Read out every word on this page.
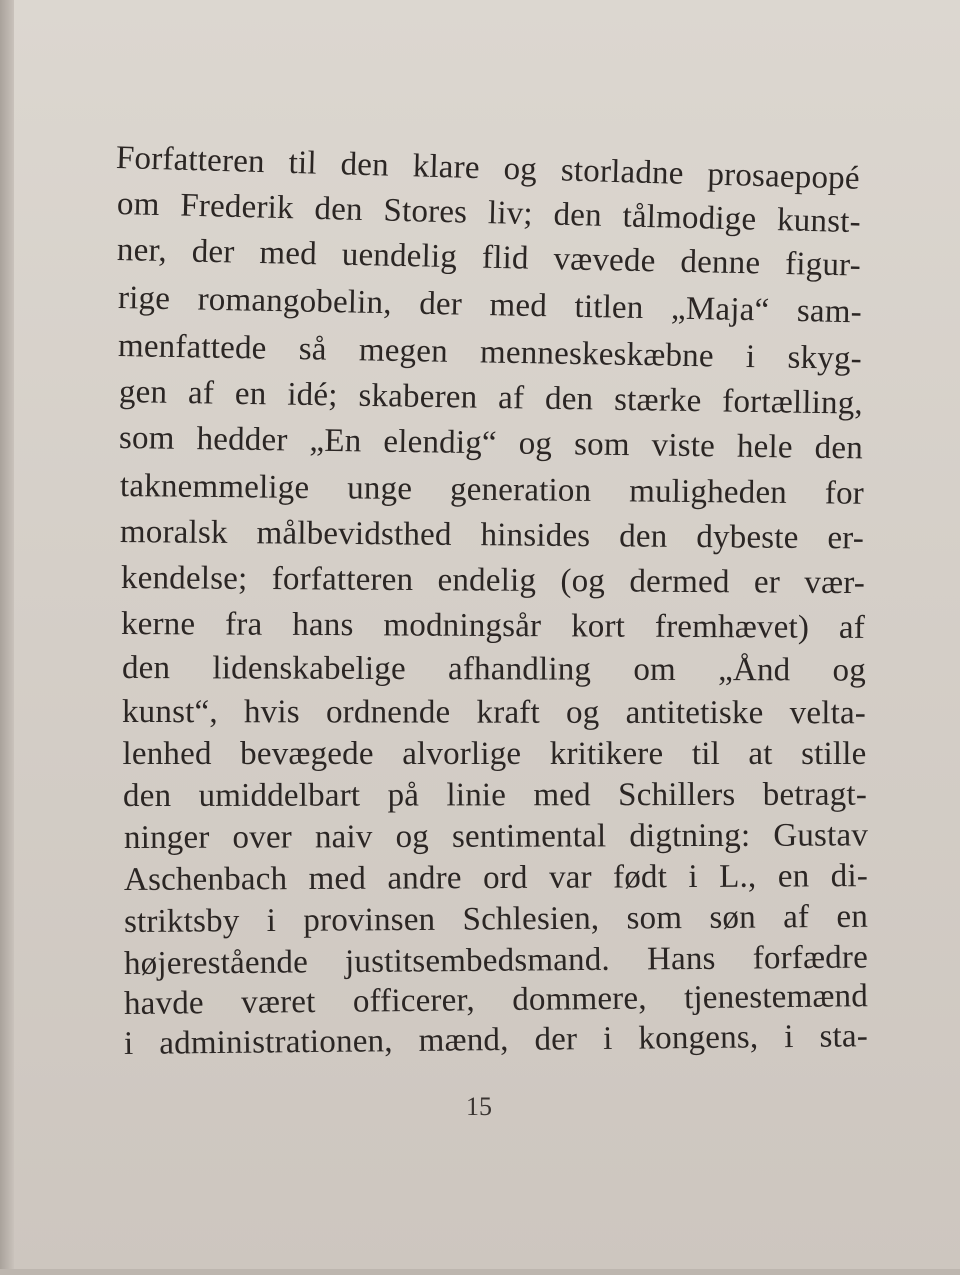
Forfatteren til den klare og storladne prosaepopé
om Frederik den Stores liv; den tålmodige kunst-
ner, der med uendelig flid vævede denne figur-
rige romangobelin, der med titlen „Maja“ sam-
menfattede så megen menneskeskæbne i skyg-
gen af en idé; skaberen af den stærke fortælling,
som hedder „En elendig“ og som viste hele den
taknemmelige unge generation muligheden for
moralsk målbevidsthed hinsides den dybeste er-
kendelse; forfatteren endelig (og dermed er vær-
kerne fra hans modningsår kort fremhævet) af
den lidenskabelige afhandling om „Ånd og
kunst“, hvis ordnende kraft og antitetiske velta-
lenhed bevægede alvorlige kritikere til at stille
den umiddelbart på linie med Schillers betragt-
ninger over naiv og sentimental digtning: Gustav
Aschenbach med andre ord var født i L., en di-
striktsby i provinsen Schlesien, som søn af en
højerestående justitsembedsmand. Hans forfædre
havde været officerer, dommere, tjenestemænd
i administrationen, mænd, der i kongens, i sta-
15
